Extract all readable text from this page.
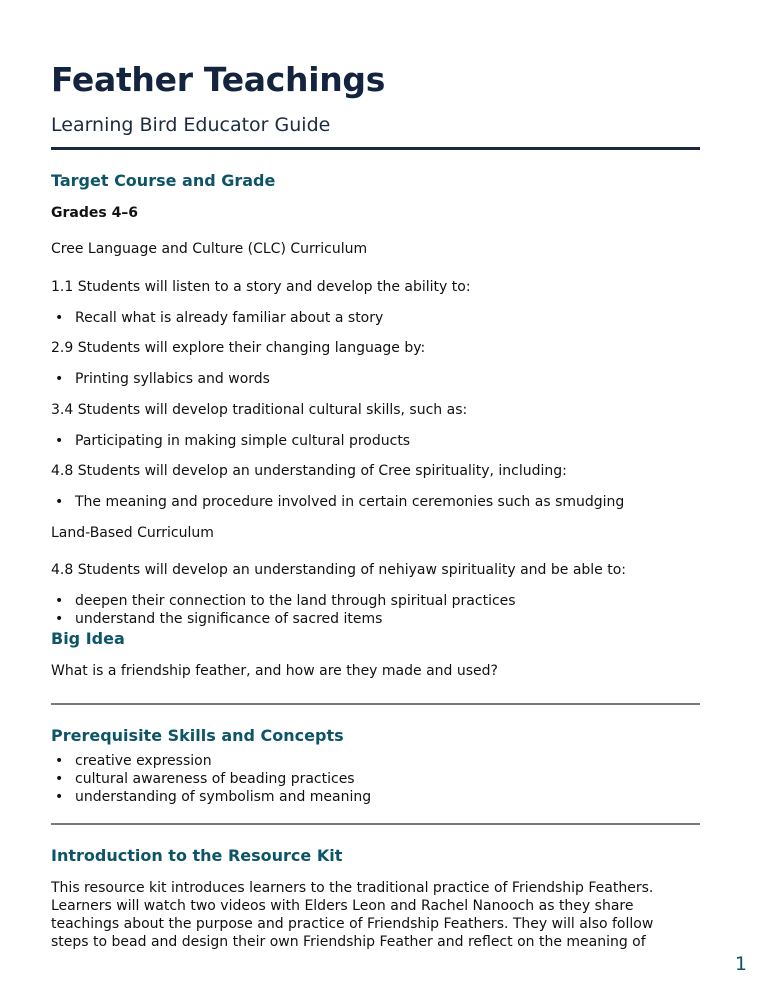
Feather Teachings
Learning Bird Educator Guide
Target Course and Grade

Grades 4–6

Cree Language and Culture (CLC) Curriculum

1.1 Students will listen to a story and develop the ability to:

• Recall what is already familiar about a story

2.9 Students will explore their changing language by:

• Printing syllabics and words

3.4 Students will develop traditional cultural skills, such as:

• Participating in making simple cultural products

4.8 Students will develop an understanding of Cree spirituality, including:

• The meaning and procedure involved in certain ceremonies such as smudging

Land-Based Curriculum

4.8 Students will develop an understanding of nehiyaw spirituality and be able to:

• deepen their connection to the land through spiritual practices

• understand the significance of sacred items

Big Idea

What is a friendship feather, and how are they made and used?

Prerequisite Skills and Concepts

• creative expression

• cultural awareness of beading practices

• understanding of symbolism and meaning

Introduction to the Resource Kit
This resource kit introduces learners to the traditional practice of Friendship Feathers.
Learners will watch two videos with Elders Leon and Rachel Nanooch as they share
teachings about the purpose and practice of Friendship Feathers. They will also follow
steps to bead and design their own Friendship Feather and reflect on the meaning of
1
